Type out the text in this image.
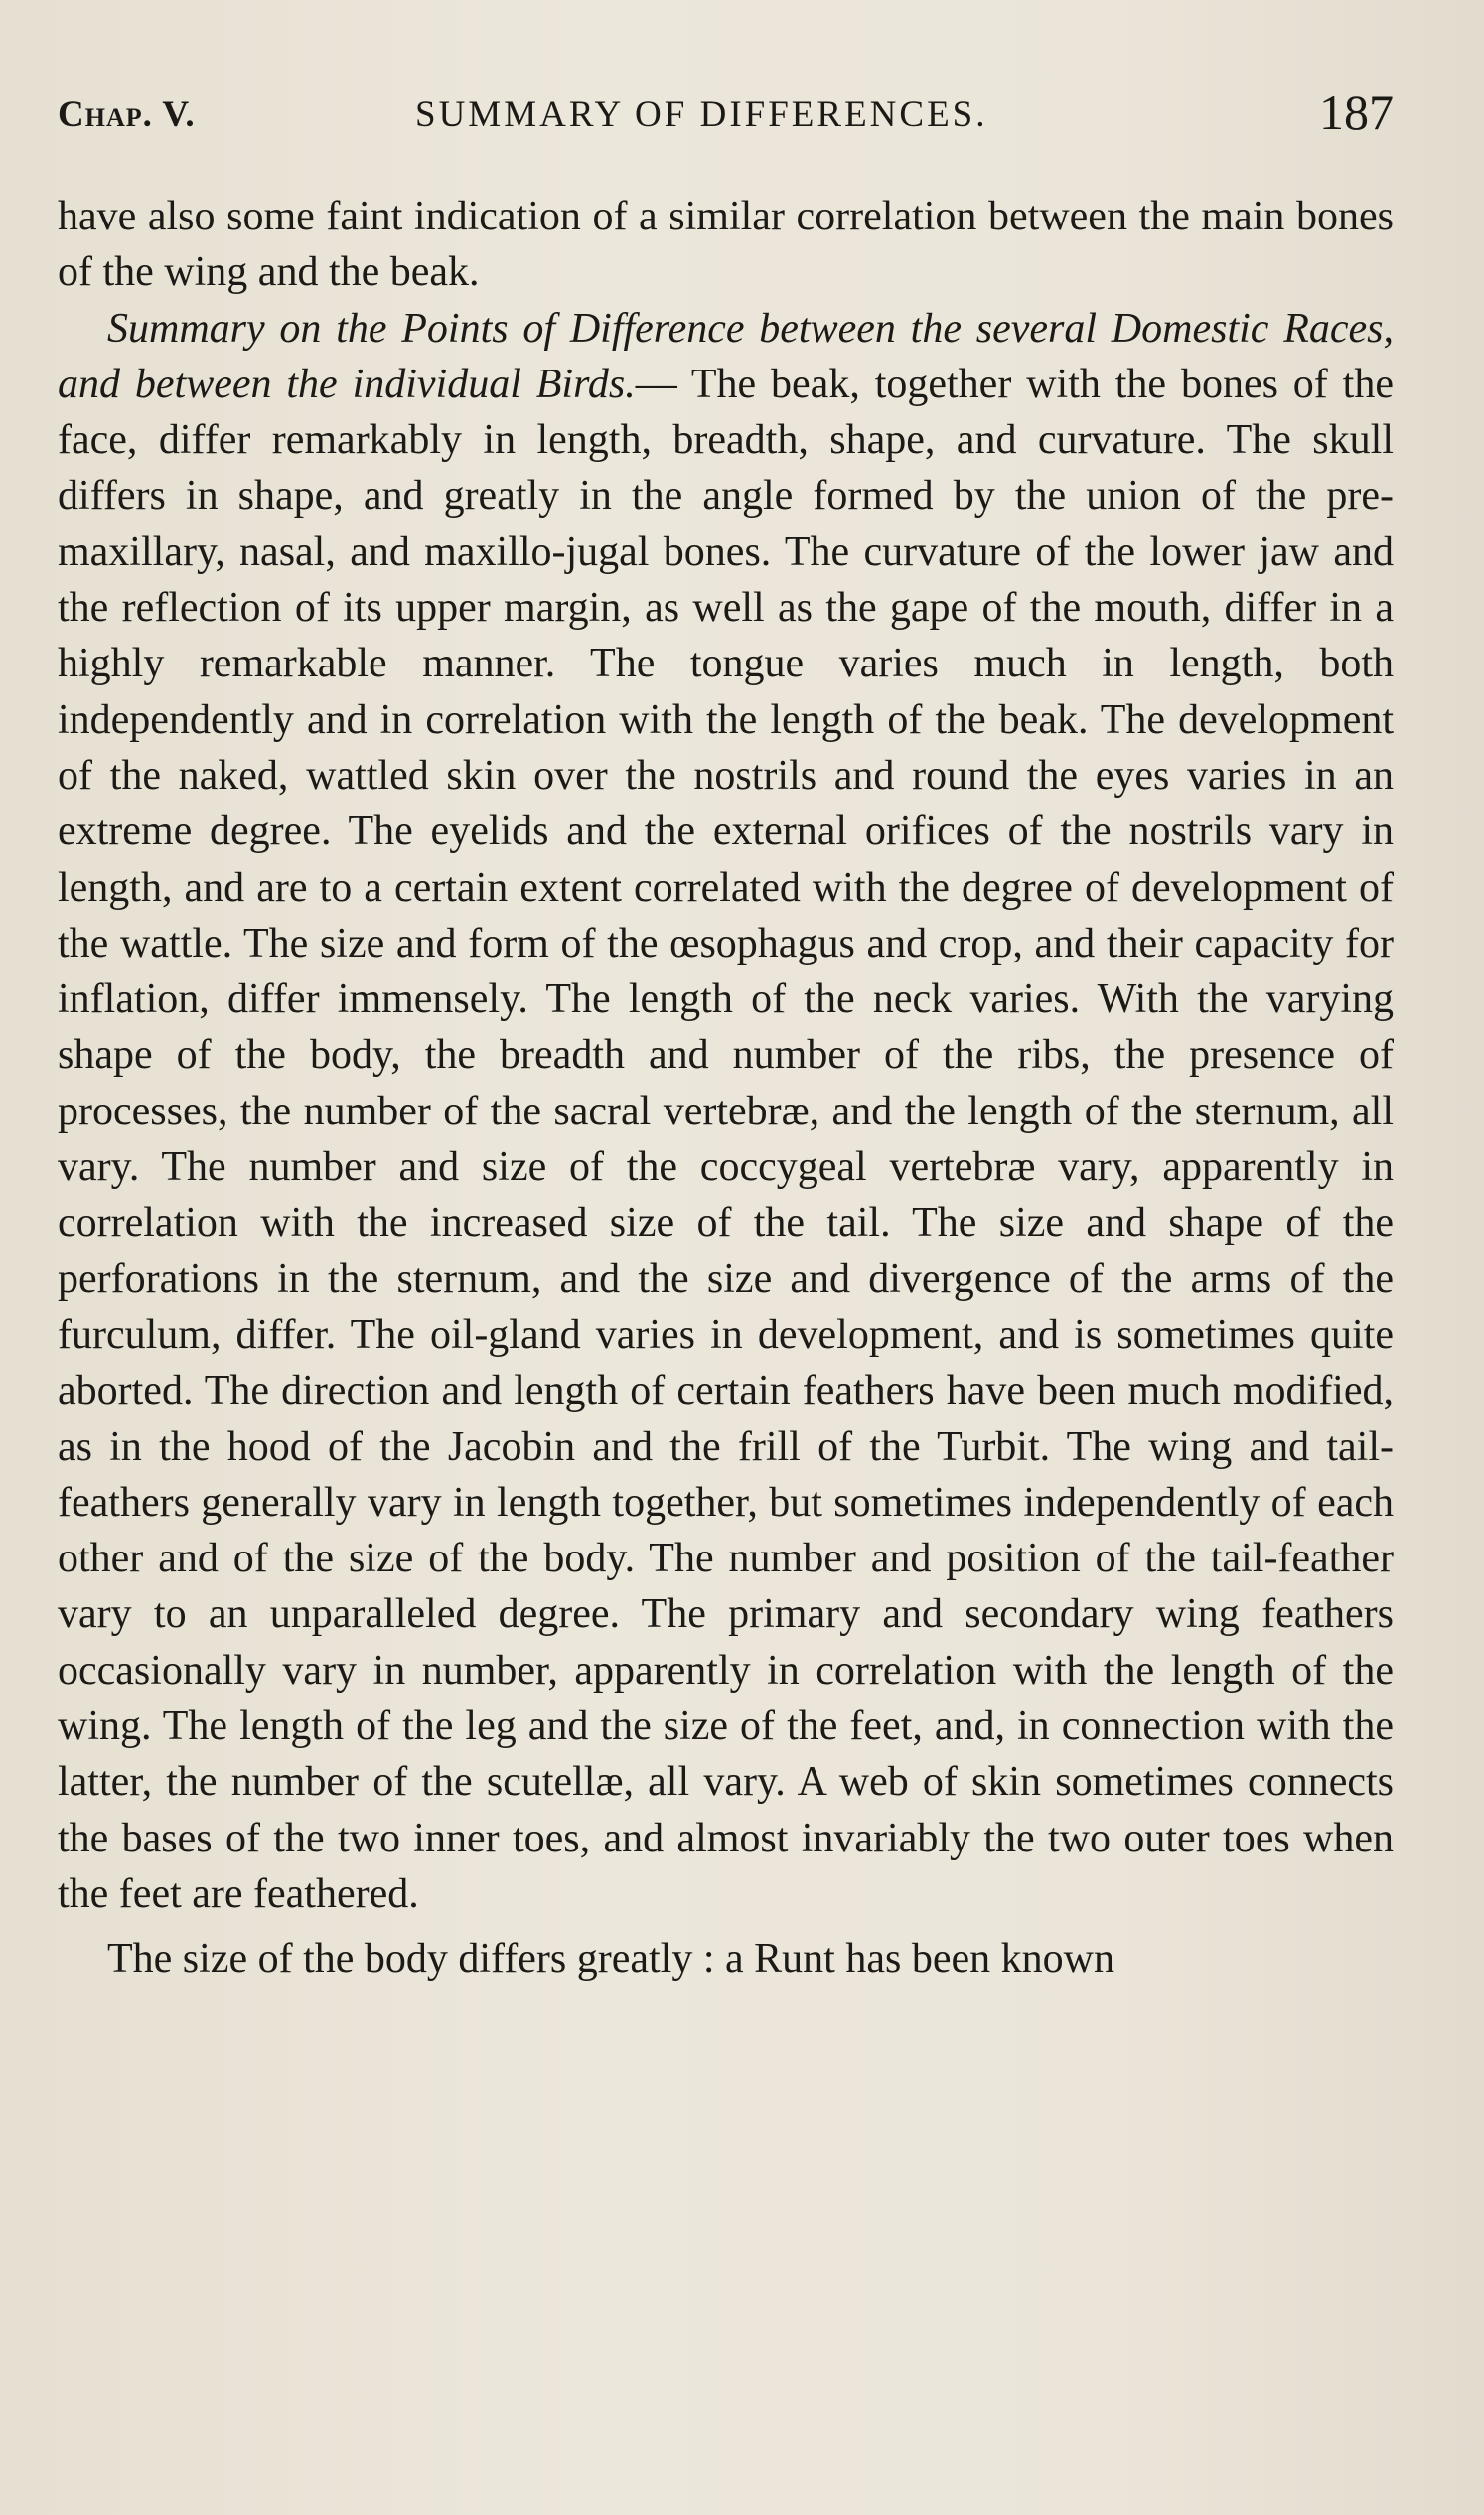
Chap. V.	SUMMARY OF DIFFERENCES.	187

have also some faint indication of a similar correlation between the main bones of the wing and the beak.

Summary on the Points of Difference between the several Domestic Races, and between the individual Birds.— The beak, together with the bones of the face, differ remarkably in length, breadth, shape, and curvature. The skull differs in shape, and greatly in the angle formed by the union of the pre-maxillary, nasal, and maxillo-jugal bones. The curvature of the lower jaw and the reflection of its upper margin, as well as the gape of the mouth, differ in a highly remarkable manner. The tongue varies much in length, both independently and in correlation with the length of the beak. The development of the naked, wattled skin over the nostrils and round the eyes varies in an extreme degree. The eyelids and the external orifices of the nostrils vary in length, and are to a certain extent correlated with the degree of development of the wattle. The size and form of the œsophagus and crop, and their capacity for inflation, differ immensely. The length of the neck varies. With the varying shape of the body, the breadth and number of the ribs, the presence of processes, the number of the sacral vertebræ, and the length of the sternum, all vary. The number and size of the coccygeal vertebræ vary, apparently in correlation with the increased size of the tail. The size and shape of the perforations in the sternum, and the size and divergence of the arms of the furculum, differ. The oil-gland varies in development, and is sometimes quite aborted. The direction and length of certain feathers have been much modified, as in the hood of the Jacobin and the frill of the Turbit. The wing and tail-feathers generally vary in length together, but sometimes independently of each other and of the size of the body. The number and position of the tail-feather vary to an unparalleled degree. The primary and secondary wing feathers occasionally vary in number, apparently in correlation with the length of the wing. The length of the leg and the size of the feet, and, in connection with the latter, the number of the scutellæ, all vary. A web of skin sometimes connects the bases of the two inner toes, and almost invariably the two outer toes when the feet are feathered.

The size of the body differs greatly : a Runt has been known
